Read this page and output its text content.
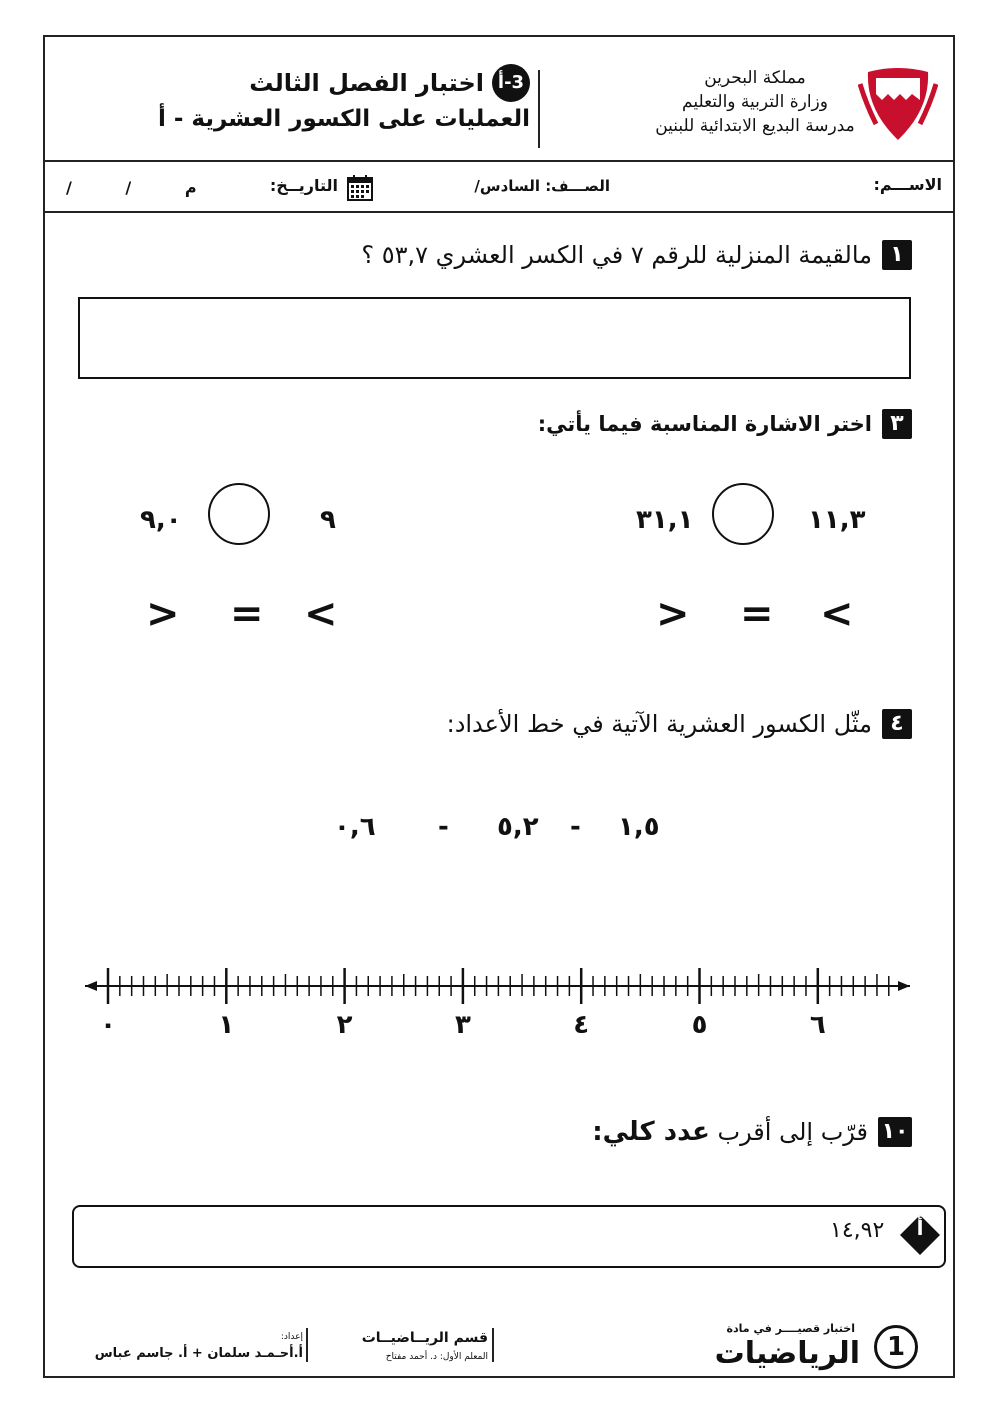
مملكة البحرين
وزارة التربية والتعليم
مدرسة البديع الابتدائية للبنين
3-أ
اختبار الفصل الثالث
العمليات على الكسور العشرية - أ
الاســـم:
الصـــف: السادس/
التاريــخ:
/ / م
١
مالقيمة المنزلية للرقم ٧ في الكسر العشري ٥٣,٧ ؟
٣
اختر الاشارة المناسبة فيما يأتي:
٩,٠	٩	٣١,١	١١,٣
> = <	> = <
٤
مثّل الكسور العشرية الآتية في خط الأعداد:
٠,٦ - ٥,٢ - ١,٥
٠	١	٢	٣	٤	٥	٦
١٠
قرّب إلى أقرب عدد كلي:
أ
١٤,٩٢
1
اختبار قصيــــر في مادة
الرياضيات
قسم الريــاضيــات
المعلم الأول: د. أحمد مفتاح
إعداد:
أ.أحـمـد سلمان + أ. جاسم عباس
